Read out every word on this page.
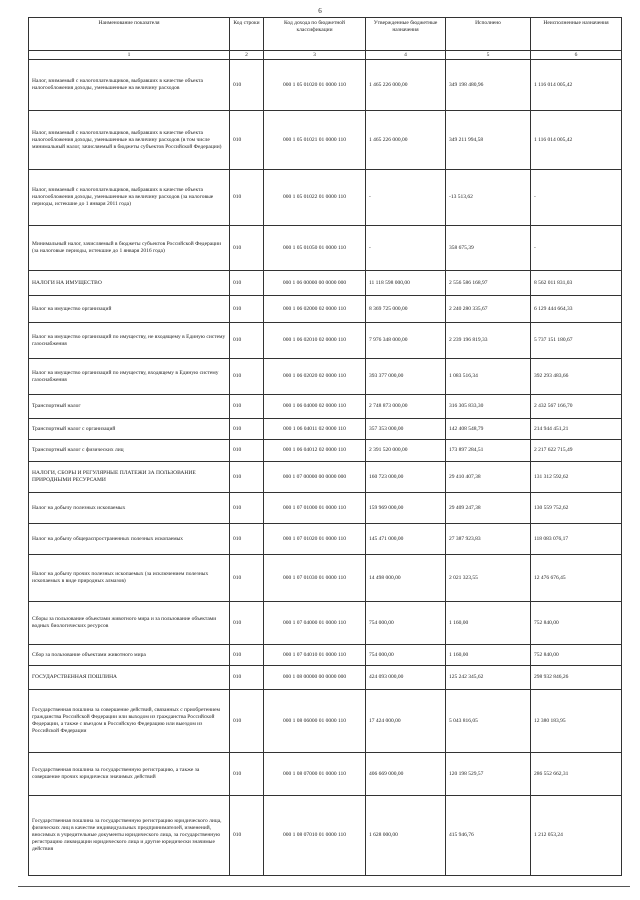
6
Наименование показателя	Код строки	Код дохода по бюджетной классификации	Утвержденные бюджетные назначения	Исполнено	Неисполненные назначения
1	2	3	4	5	6
Налог, взимаемый с налогоплательщиков, выбравших в качестве объекта налогообложения доходы, уменьшенные на величину расходов	010	000 1 05 01020 01 0000 110	1 465 226 000,00	349 198 480,96	1 116 014 005,42
Налог, взимаемый с налогоплательщиков, выбравших в качестве объекта налогообложения доходы, уменьшенные на величину расходов (в том числе минимальный налог, зачисляемый в бюджеты субъектов Российской Федерации)	010	000 1 05 01021 01 0000 110	1 465 226 000,00	349 211 994,58	1 116 014 005,42
Налог, взимаемый с налогоплательщиков, выбравших в качестве объекта налогообложения доходы, уменьшенные на величину расходов (за налоговые периоды, истекшие до 1 января 2011 года)	010	000 1 05 01022 01 0000 110	-	-13 513,62	-
Минимальный налог, зачисляемый в бюджеты субъектов Российской Федерации (за налоговые периоды, истекшие до 1 января 2016 года)	010	000 1 05 01050 01 0000 110	-	358 675,39	-
НАЛОГИ НА ИМУЩЕСТВО	010	000 1 06 00000 00 0000 000	11 118 598 000,00	2 556 586 168,97	8 562 011 831,03
Налог на имущество организаций	010	000 1 06 02000 02 0000 110	8 369 725 000,00	2 240 280 335,67	6 129 444 664,33
Налог на имущество организаций по имуществу, не входящему в Единую систему газоснабжения	010	000 1 06 02010 02 0000 110	7 976 348 000,00	2 239 196 819,33	5 737 151 180,67
Налог на имущество организаций по имуществу, входящему в Единую систему газоснабжения	010	000 1 06 02020 02 0000 110	393 377 000,00	1 083 516,34	392 293 483,66
Транспортный налог	010	000 1 06 04000 02 0000 110	2 748 873 000,00	316 305 833,30	2 432 567 166,70
Транспортный налог с организаций	010	000 1 06 04011 02 0000 110	357 353 000,00	142 408 548,79	214 944 451,21
Транспортный налог с физических лиц	010	000 1 06 04012 02 0000 110	2 391 520 000,00	173 897 284,51	2 217 622 715,49
НАЛОГИ, СБОРЫ И РЕГУЛЯРНЫЕ ПЛАТЕЖИ ЗА ПОЛЬЗОВАНИЕ ПРИРОДНЫМИ РЕСУРСАМИ	010	000 1 07 00000 00 0000 000	160 723 000,00	29 410 407,38	131 312 592,62
Налог на добычу полезных ископаемых	010	000 1 07 01000 01 0000 110	159 969 000,00	29 409 247,38	130 559 752,62
Налог на добычу общераспространенных полезных ископаемых	010	000 1 07 01020 01 0000 110	145 471 000,00	27 387 923,83	118 083 076,17
Налог на добычу прочих полезных ископаемых (за исключением полезных ископаемых в виде природных алмазов)	010	000 1 07 01030 01 0000 110	14 498 000,00	2 021 323,55	12 476 676,45
Сборы за пользование объектами животного мира и за пользование объектами водных биологических ресурсов	010	000 1 07 04000 01 0000 110	754 000,00	1 160,00	752 840,00
Сбор за пользование объектами животного мира	010	000 1 07 04010 01 0000 110	754 000,00	1 160,00	752 840,00
ГОСУДАРСТВЕННАЯ ПОШЛИНА	010	000 1 08 00000 00 0000 000	424 093 000,00	125 242 345,62	298 932 846,26
Государственная пошлина за совершение действий, связанных с приобретением гражданства Российской Федерации или выходом из гражданства Российской Федерации, а также с въездом в Российскую Федерацию или выездом из Российской Федерации	010	000 1 08 06000 01 0000 110	17 424 000,00	5 043 816,05	12 380 183,95
Государственная пошлина за государственную регистрацию, а также за совершение прочих юридически значимых действий	010	000 1 08 07000 01 0000 110	406 669 000,00	120 198 529,57	286 552 662,31
Государственная пошлина за государственную регистрацию юридического лица, физических лиц в качестве индивидуальных предпринимателей, изменений, вносимых в учредительные документы юридического лица, за государственную регистрацию ликвидации юридического лица и другие юридически значимые действия	010	000 1 08 07010 01 0000 110	1 628 000,00	415 946,76	1 212 053,24
